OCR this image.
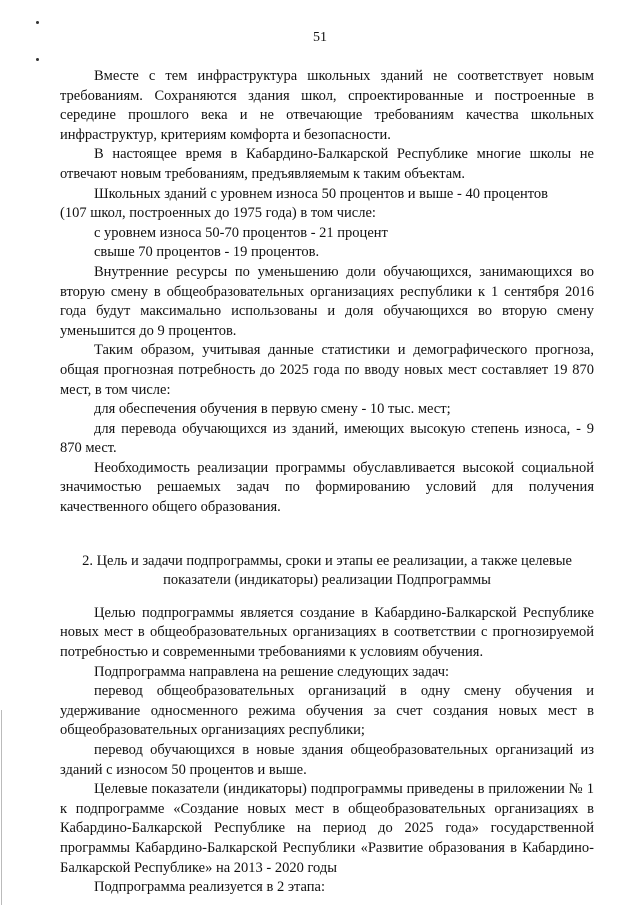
51

Вместе с тем инфраструктура школьных зданий не соответствует новым требованиям. Сохраняются здания школ, спроектированные и построенные в середине прошлого века и не отвечающие требованиям качества школьных инфраструктур, критериям комфорта и безопасности.

В настоящее время в Кабардино-Балкарской Республике многие школы не отвечают новым требованиям, предъявляемым к таким объектам.

Школьных зданий с уровнем износа 50 процентов и выше - 40 процентов
(107 школ, построенных до 1975 года) в том числе:

с уровнем износа 50-70 процентов - 21 процент

свыше 70 процентов - 19 процентов.

Внутренние ресурсы по уменьшению доли обучающихся, занимающихся во вторую смену в общеобразовательных организациях республики к 1 сентября 2016 года будут максимально использованы и доля обучающихся во вторую смену уменьшится до 9 процентов.

Таким образом, учитывая данные статистики и демографического прогноза, общая прогнозная потребность до 2025 года по вводу новых мест составляет 19 870 мест, в том числе:

для обеспечения обучения в первую смену - 10 тыс. мест;

для перевода обучающихся из зданий, имеющих высокую степень износа, - 9 870 мест.

Необходимость реализации программы обуславливается высокой социальной значимостью решаемых задач по формированию условий для получения качественного общего образования.

2. Цель и задачи подпрограммы, сроки и этапы ее реализации, а также целевые
показатели (индикаторы) реализации Подпрограммы

Целью подпрограммы является создание в Кабардино-Балкарской Республике новых мест в общеобразовательных организациях в соответствии с прогнозируемой потребностью и современными требованиями к условиям обучения.

Подпрограмма направлена на решение следующих задач:

перевод общеобразовательных организаций в одну смену обучения и удерживание односменного режима обучения за счет создания новых мест в общеобразовательных организациях республики;

перевод обучающихся в новые здания общеобразовательных организаций из зданий с износом 50 процентов и выше.

Целевые показатели (индикаторы) подпрограммы приведены в приложении № 1 к подпрограмме «Создание новых мест в общеобразовательных организациях в Кабардино-Балкарской Республике на период до 2025 года» государственной программы Кабардино-Балкарской Республики «Развитие образования в Кабардино-Балкарской Республике» на 2013 - 2020 годы

Подпрограмма реализуется в 2 этапа:
